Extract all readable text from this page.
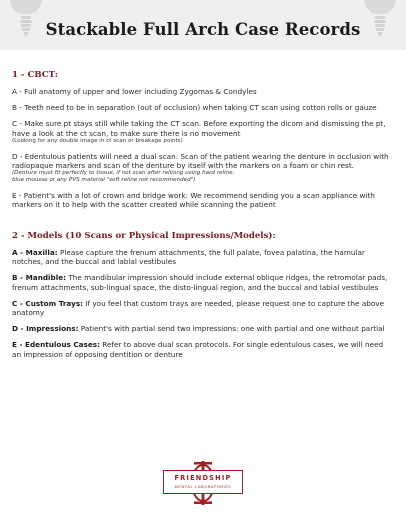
Stackable Full Arch Case Records
1 - CBCT:
A - Full anatomy of upper and lower including Zygomas & Condyles
B - Teeth need to be in separation (out of occlusion) when taking CT scan using cotton rolls or gauze
C - Make sure pt stays still while taking the CT scan. Before exporting the dicom and dismissing the pt, have a look at the ct scan, to make sure there is no movement
(Looking for any double image in ct scan or breakage points)
D - Edentulous patients will need a dual scan: Scan of the patient wearing the denture in occlusion with radiopaque markers and scan of the denture by itself with the markers on a foam or chin rest.
(Denture must fit perfectly to tissue, if not scan after relining using hard reline,
blue mousse or any PVS material "soft reline not recommended")
E - Patient's with a lot of crown and bridge work: We recommend sending you a scan appliance with markers on it to help with the scatter created while scanning the patient
2 - Models (10 Scans or Physical Impressions/Models):
A - Maxilla: Please capture the frenum attachments, the full palate, fovea palatina, the hamular notches, and the buccal and labial vestibules
B - Mandible: The mandibular impression should include external oblique ridges, the retromolar pads, frenum attachments, sub-lingual space, the disto-lingual region, and the buccal and labial vestibules
C - Custom Trays: If you feel that custom trays are needed, please request one to capture the above anatomy
D - Impressions: Patient's with partial send two impressions: one with partial and one without partial
E - Edentulous Cases: Refer to above dual scan protocols. For single edentulous cases, we will need an impression of opposing dentition or denture
FRIENDSHIP
DENTAL LABORATORIES
